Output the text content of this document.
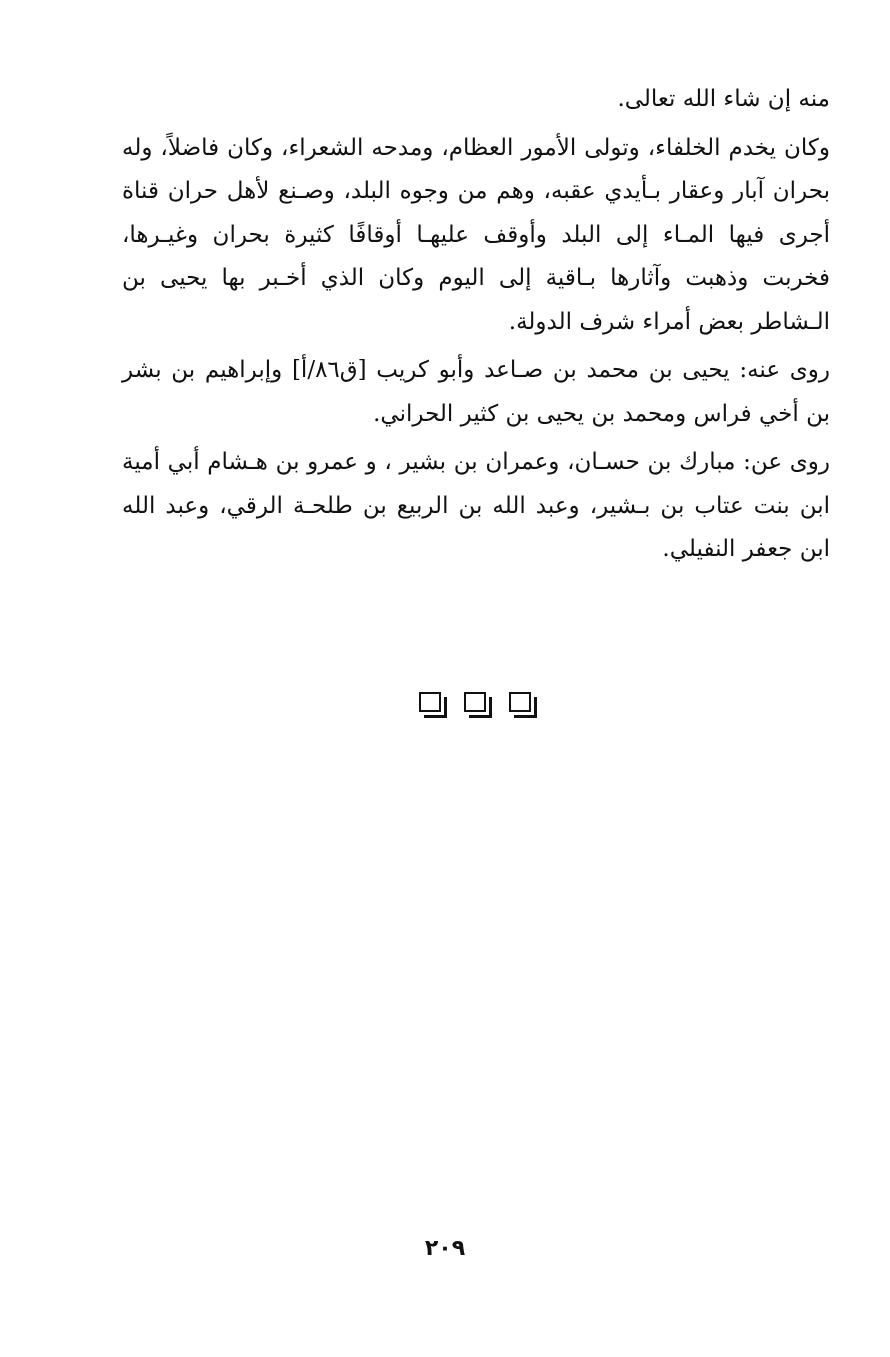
منه إن شاء الله تعالى.

وكان يخدم الخلفاء، وتولى الأمور العظام، ومدحه الشعراء، وكان فاضلاً، وله بحران آبار وعقار بـأيدي عقبه، وهم من وجوه البلد، وصـنع لأهل حران قناة أجرى فيها المـاء إلى البلد وأوقف عليهـا أوقافًا كثيرة بحران وغيـرها، فخربت وذهبت وآثارها بـاقية إلى اليوم وكان الذي أخـبر بها يحيى بن الـشاطر بعض أمراء شرف الدولة.

روى عنه: يحيى بن محمد بن صـاعد وأبو كريب [ق٨٦/أ] وإبراهيم بن بشر بن أخي فراس ومحمد بن يحيى بن كثير الحراني.

روى عن: مبارك بن حسـان، وعمران بن بشير ، و عمرو بن هـشام أبي أمية ابن بنت عتاب بن بـشير، وعبد الله بن الربيع بن طلحـة الرقي، وعبد الله ابن جعفر النفيلي.

٢٠٩
